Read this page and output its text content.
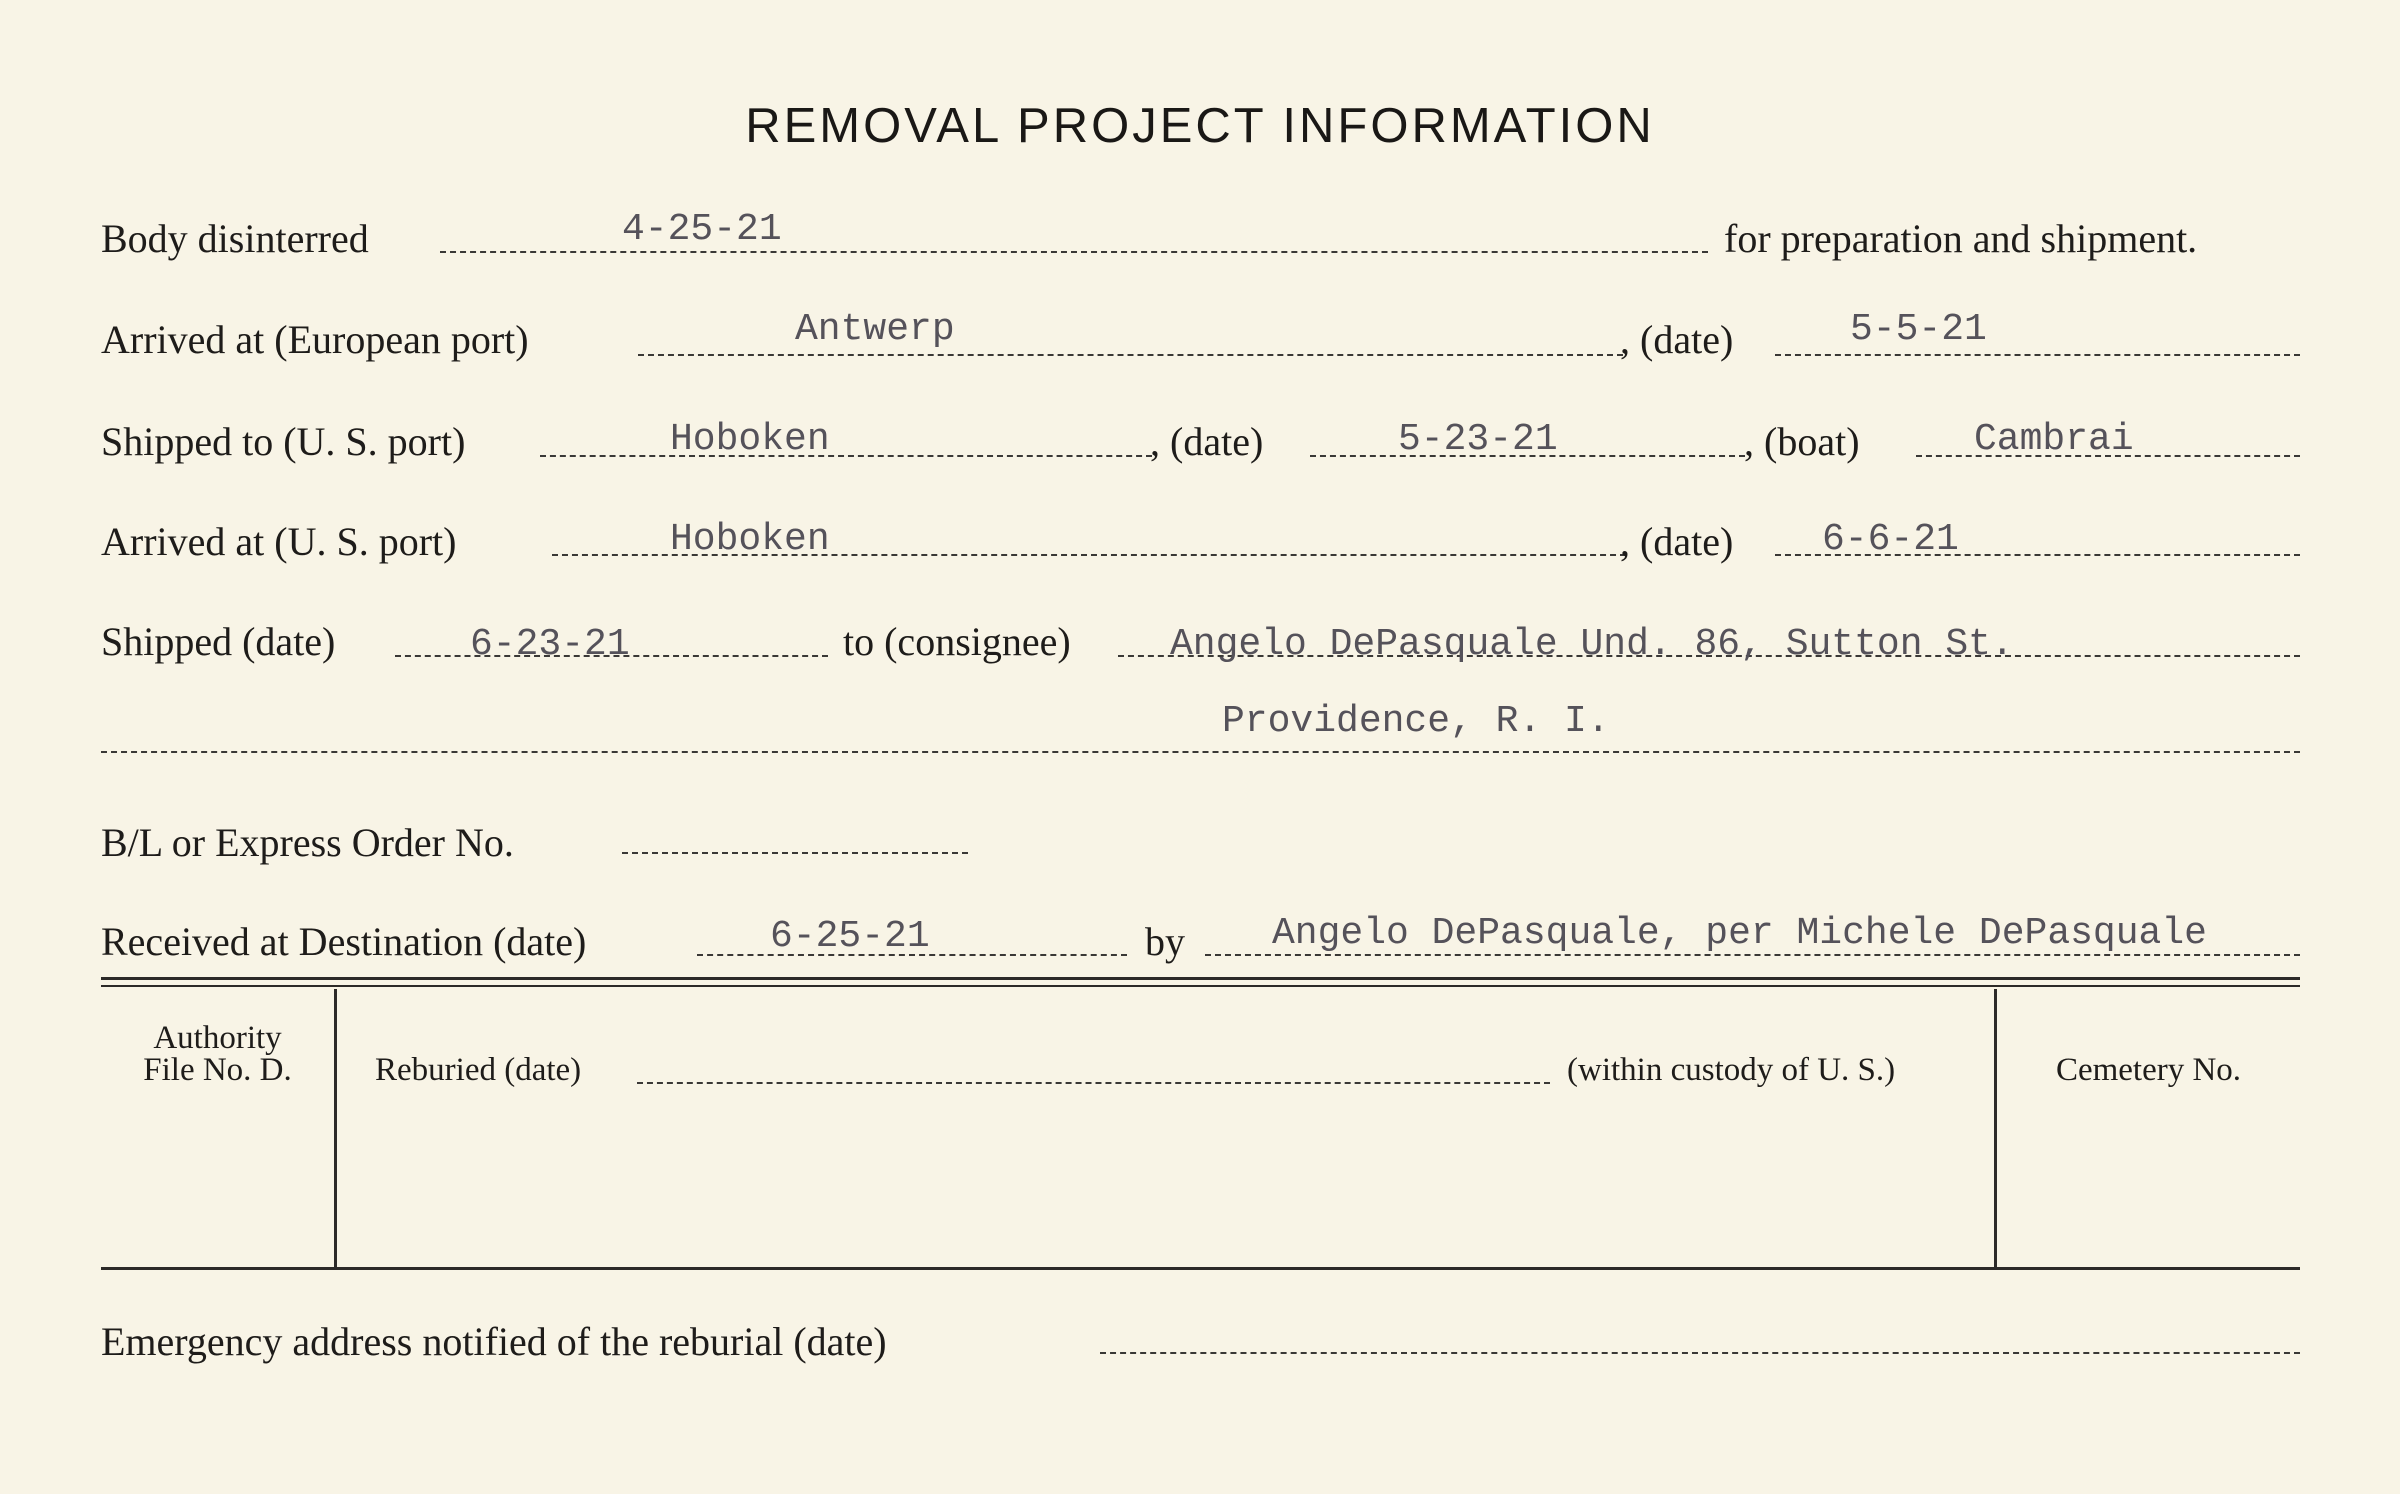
REMOVAL PROJECT INFORMATION
Body disinterred	4-25-21	for preparation and shipment.
Arrived at (European port)	Antwerp	, (date)	5-5-21
Shipped to (U. S. port)	Hoboken	, (date)	5-23-21	, (boat)	Cambrai
Arrived at (U. S. port)	Hoboken	, (date) 6-6-21
Shipped (date)	6-23-21	to (consignee)	Angelo DePasquale Und. 86, Sutton St.
Providence, R. I.
B/L or Express Order No.
Received at Destination (date)	6-25-21	by Angelo DePasquale, per Michele DePasquale
Authority
File No. D.	Reburied (date)	(within custody of U. S.)	Cemetery No.
Emergency address notified of the reburial (date)
